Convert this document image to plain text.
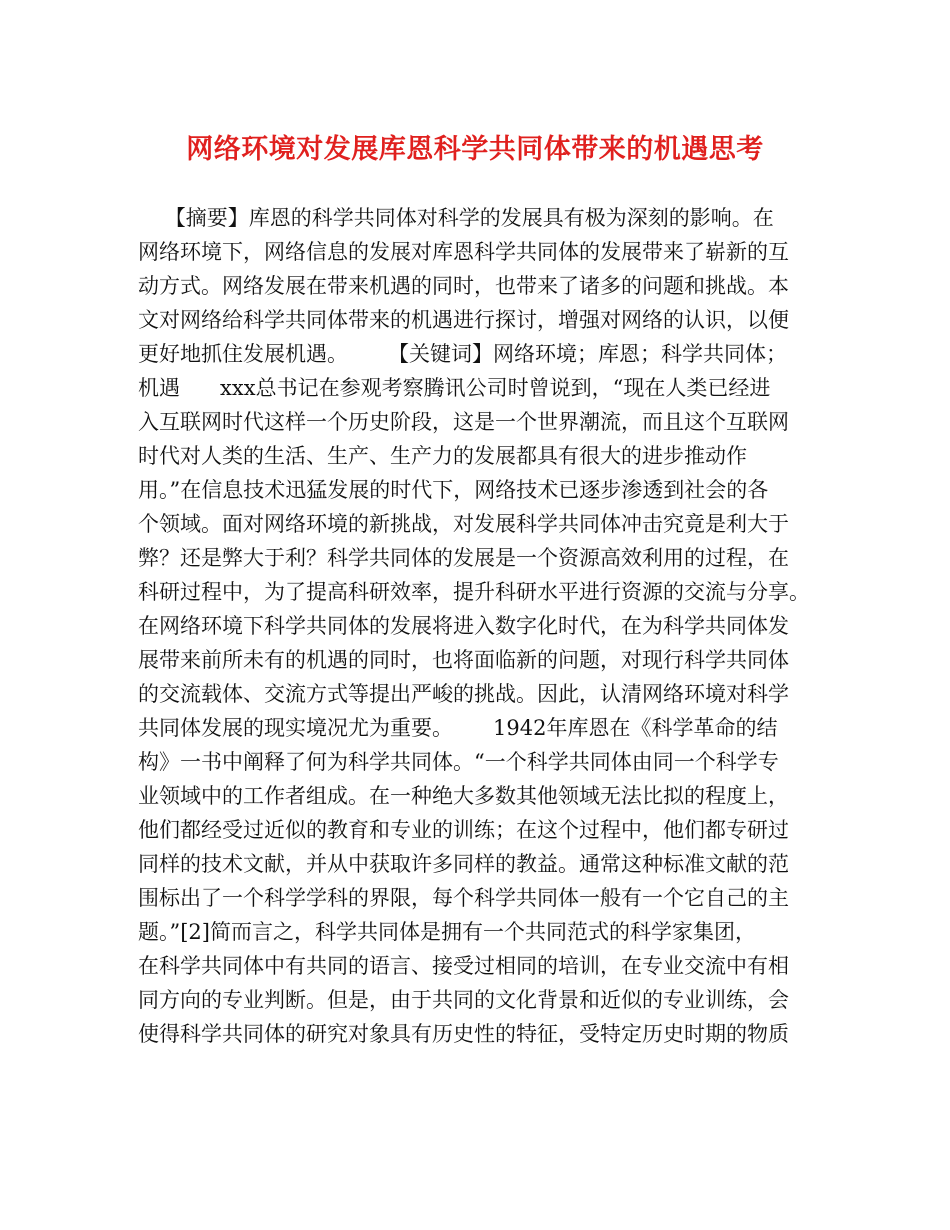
网络环境对发展库恩科学共同体带来的机遇思考
【摘要】库恩的科学共同体对科学的发展具有极为深刻的影响。在
网络环境下，网络信息的发展对库恩科学共同体的发展带来了崭新的互
动方式。网络发展在带来机遇的同时，也带来了诸多的问题和挑战。本
文对网络给科学共同体带来的机遇进行探讨，增强对网络的认识，以便
更好地抓住发展机遇。      【关键词】网络环境；库恩；科学共同体；
机遇      xxx总书记在参观考察腾讯公司时曾说到，“现在人类已经进
入互联网时代这样一个历史阶段，这是一个世界潮流，而且这个互联网
时代对人类的生活、生产、生产力的发展都具有很大的进步推动作
用。”在信息技术迅猛发展的时代下，网络技术已逐步渗透到社会的各
个领域。面对网络环境的新挑战，对发展科学共同体冲击究竟是利大于
弊？还是弊大于利？科学共同体的发展是一个资源高效利用的过程，在
科研过程中，为了提高科研效率，提升科研水平进行资源的交流与分享。
在网络环境下科学共同体的发展将进入数字化时代，在为科学共同体发
展带来前所未有的机遇的同时，也将面临新的问题，对现行科学共同体
的交流载体、交流方式等提出严峻的挑战。因此，认清网络环境对科学
共同体发展的现实境况尤为重要。      1942年库恩在《科学革命的结
构》一书中阐释了何为科学共同体。“一个科学共同体由同一个科学专
业领域中的工作者组成。在一种绝大多数其他领域无法比拟的程度上，
他们都经受过近似的教育和专业的训练；在这个过程中，他们都专研过
同样的技术文献，并从中获取许多同样的教益。通常这种标准文献的范
围标出了一个科学学科的界限，每个科学共同体一般有一个它自己的主
题。”[2]简而言之，科学共同体是拥有一个共同范式的科学家集团，
在科学共同体中有共同的语言、接受过相同的培训，在专业交流中有相
同方向的专业判断。但是，由于共同的文化背景和近似的专业训练，会
使得科学共同体的研究对象具有历史性的特征，受特定历史时期的物质
